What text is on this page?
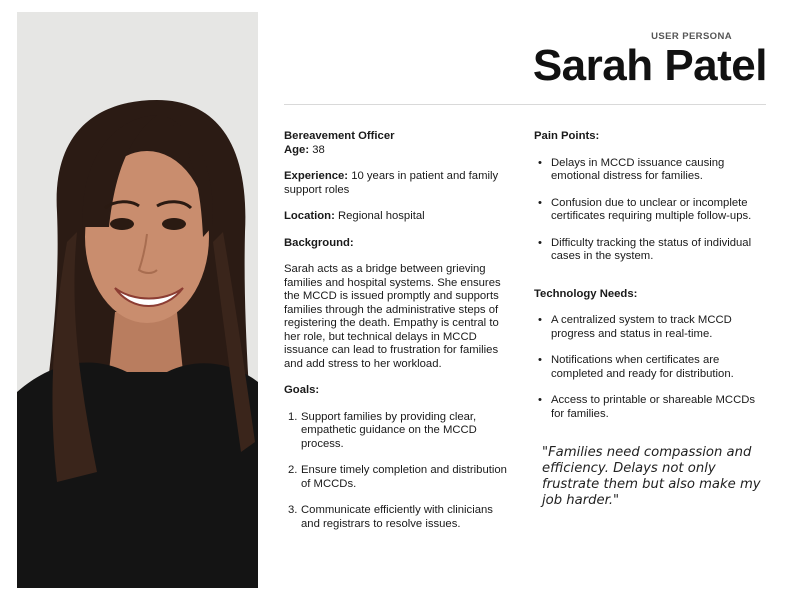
USER PERSONA
Sarah Patel

Bereavement Officer

Age: 38

Experience: 10 years in patient and family support roles

Location: Regional hospital

Background:

Sarah acts as a bridge between grieving families and hospital systems. She ensures the MCCD is issued promptly and supports families through the administrative steps of registering the death. Empathy is central to her role, but technical delays in MCCD issuance can lead to frustration for families and add stress to her workload.

Goals:

1. Support families by providing clear, empathetic guidance on the MCCD process.
2. Ensure timely completion and distribution of MCCDs.
3. Communicate efficiently with clinicians and registrars to resolve issues.

Pain Points:

• Delays in MCCD issuance causing emotional distress for families.
• Confusion due to unclear or incomplete certificates requiring multiple follow-ups.
• Difficulty tracking the status of individual cases in the system.

Technology Needs:

• A centralized system to track MCCD progress and status in real-time.
• Notifications when certificates are completed and ready for distribution.
• Access to printable or shareable MCCDs for families.

"Families need compassion and efficiency. Delays not only frustrate them but also make my job harder."
